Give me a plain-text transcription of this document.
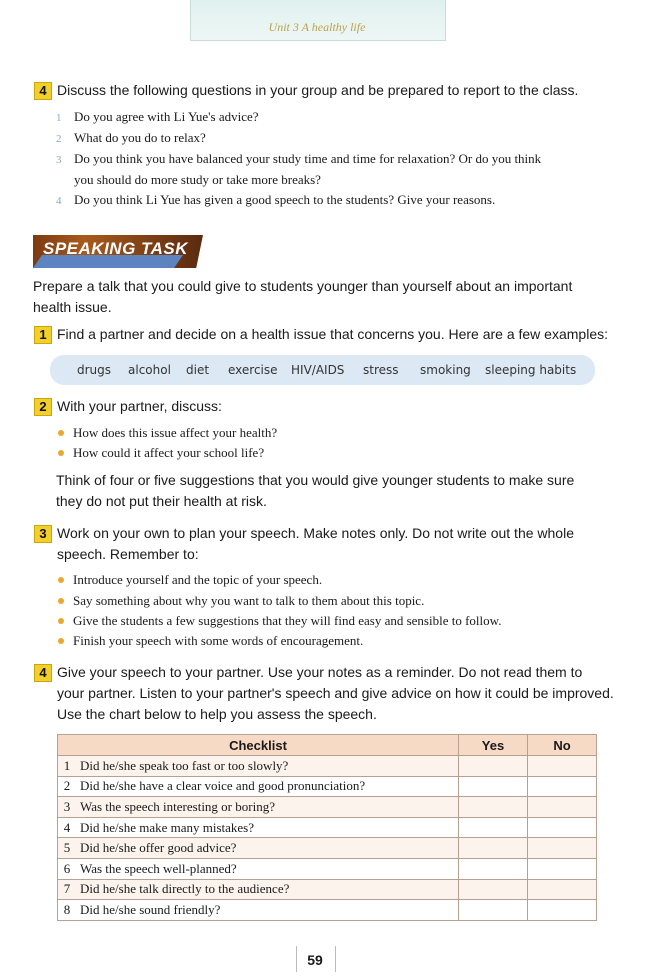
Unit 3 A healthy life
4 Discuss the following questions in your group and be prepared to report to the class.
1 Do you agree with Li Yue's advice?
2 What do you do to relax?
3 Do you think you have balanced your study time and time for relaxation? Or do you think
you should do more study or take more breaks?
4 Do you think Li Yue has given a good speech to the students? Give your reasons.
SPEAKING TASK
Prepare a talk that you could give to students younger than yourself about an important
health issue.
1 Find a partner and decide on a health issue that concerns you. Here are a few examples:
drugs alcohol diet exercise HIV/AIDS stress smoking sleeping habits
2 With your partner, discuss:
How does this issue affect your health?
How could it affect your school life?
Think of four or five suggestions that you would give younger students to make sure
they do not put their health at risk.
3 Work on your own to plan your speech. Make notes only. Do not write out the whole
speech. Remember to:
Introduce yourself and the topic of your speech.
Say something about why you want to talk to them about this topic.
Give the students a few suggestions that they will find easy and sensible to follow.
Finish your speech with some words of encouragement.
4 Give your speech to your partner. Use your notes as a reminder. Do not read them to
your partner. Listen to your partner's speech and give advice on how it could be improved.
Use the chart below to help you assess the speech.
Checklist		Yes	No
1	Did he/she speak too fast or too slowly?		
2	Did he/she have a clear voice and good pronunciation?		
3	Was the speech interesting or boring?		
4	Did he/she make many mistakes?		
5	Did he/she offer good advice?		
6	Was the speech well-planned?		
7	Did he/she talk directly to the audience?		
8	Did he/she sound friendly?		
59
